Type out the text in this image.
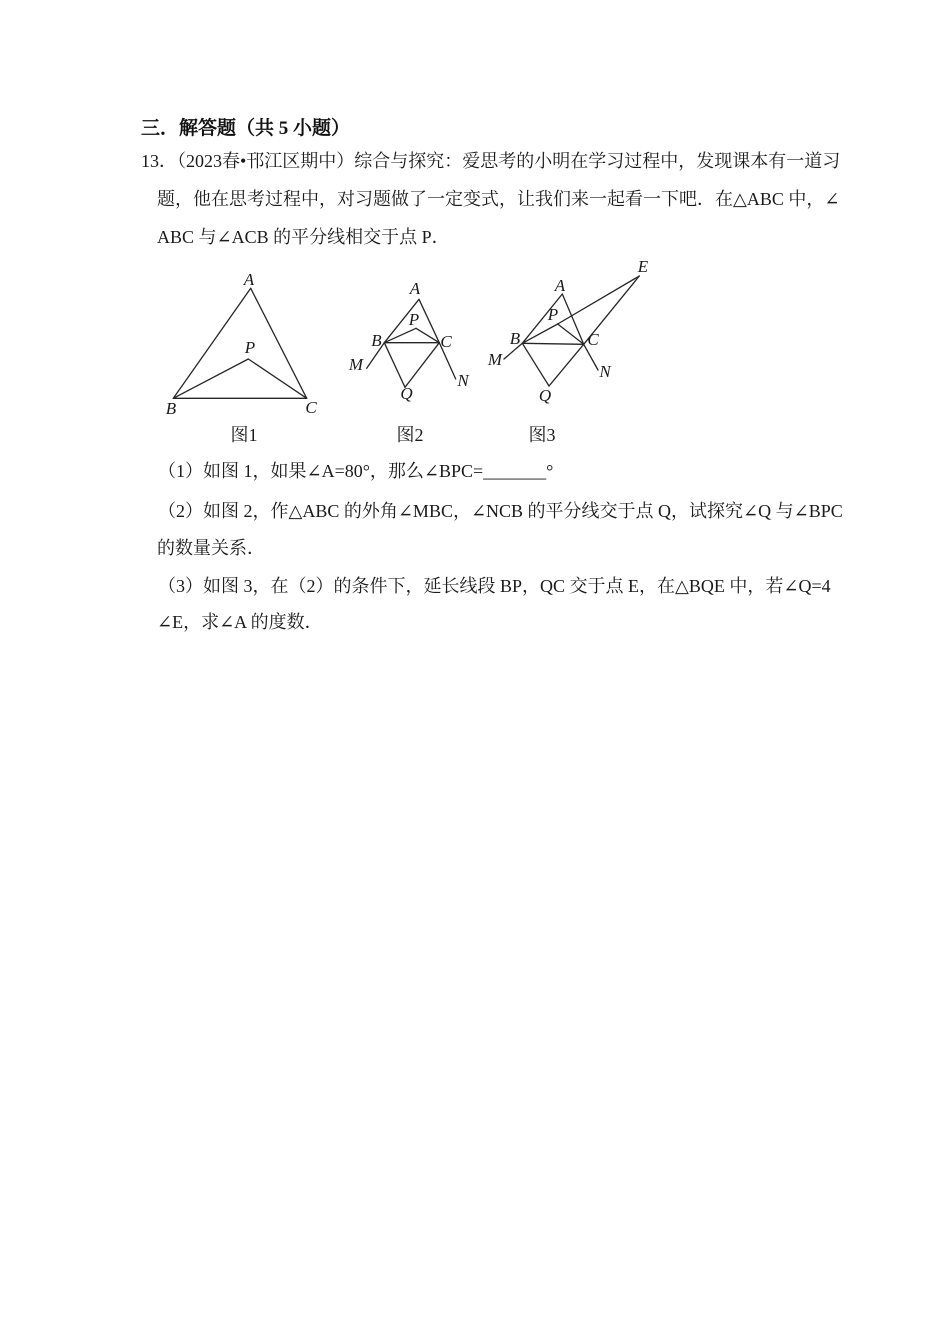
三．解答题（共 5 小题）
13．（2023春•邗江区期中）综合与探究：爱思考的小明在学习过程中，发现课本有一道习
题，他在思考过程中，对习题做了一定变式，让我们来一起看一下吧．在△ABC 中，∠
ABC 与∠ACB 的平分线相交于点 P．
A
B	C
P
A
B	C
P
M
N
Q
A
E
P
B	C
M
N
Q
图1	图2	图3
（1）如图 1，如果∠A=80°，那么∠BPC=_______°
（2）如图 2，作△ABC 的外角∠MBC，∠NCB 的平分线交于点 Q，试探究∠Q 与∠BPC
的数量关系．
（3）如图 3，在（2）的条件下，延长线段 BP，QC 交于点 E，在△BQE 中，若∠Q=4
∠E，求∠A 的度数．
